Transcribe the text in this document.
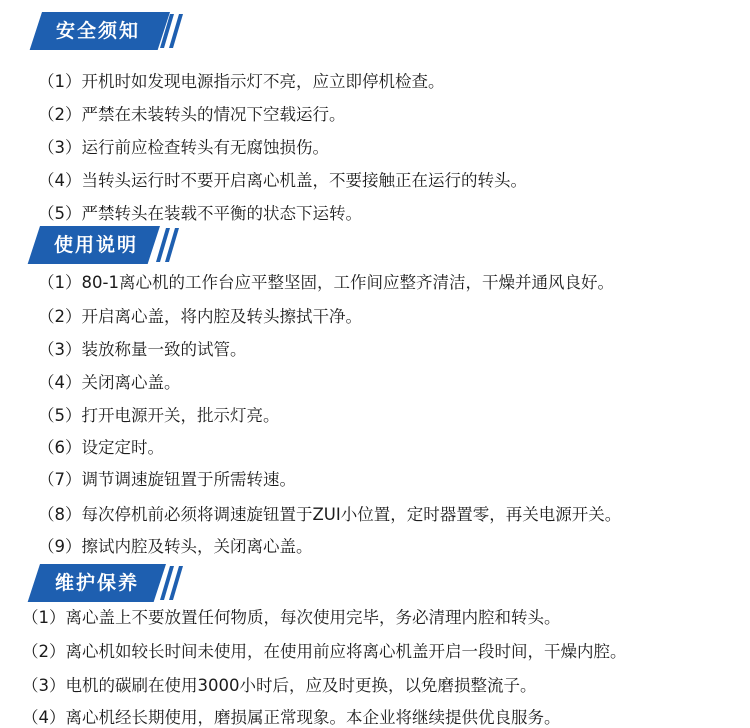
安全须知
（1）开机时如发现电源指示灯不亮，应立即停机检查。
（2）严禁在未装转头的情况下空载运行。
（3）运行前应检查转头有无腐蚀损伤。
（4）当转头运行时不要开启离心机盖，不要接触正在运行的转头。
（5）严禁转头在装载不平衡的状态下运转。
使用说明
（1）80-1离心机的工作台应平整坚固，工作间应整齐清洁，干燥并通风良好。
（2）开启离心盖，将内腔及转头擦拭干净。
（3）装放称量一致的试管。
（4）关闭离心盖。
（5）打开电源开关，批示灯亮。
（6）设定定时。
（7）调节调速旋钮置于所需转速。
（8）每次停机前必须将调速旋钮置于ZUI小位置，定时器置零，再关电源开关。
（9）擦试内腔及转头，关闭离心盖。
维护保养
（1）离心盖上不要放置任何物质，每次使用完毕，务必清理内腔和转头。
（2）离心机如较长时间未使用，在使用前应将离心机盖开启一段时间，干燥内腔。
（3）电机的碳刷在使用3000小时后，应及时更换，以免磨损整流子。
（4）离心机经长期使用，磨损属正常现象。本企业将继续提供优良服务。
